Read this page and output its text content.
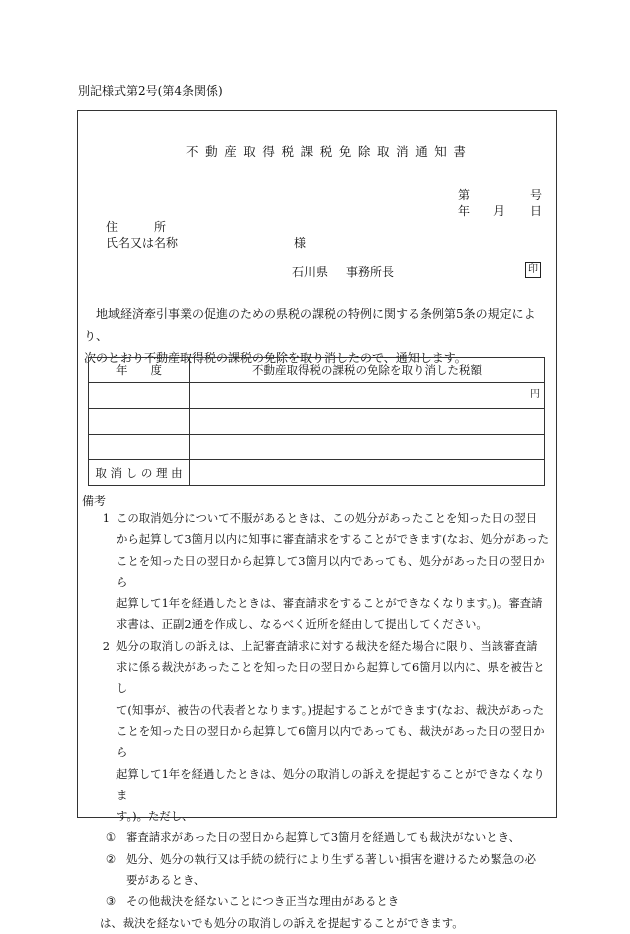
別記様式第2号(第4条関係)
不動産取得税課税免除取消通知書
第	号
年 月 日
住　　　所
氏名又は名称	様
石川県 事務所長	印

地域経済牽引事業の促進のための県税の課税の特例に関する条例第5条の規定により、

次のとおり不動産取得税の課税の免除を取り消したので、通知します。

年　　度	不動産取得税の課税の免除を取り消した税額
	円

取 消 し の 理 由	
備考
1 この取消処分について不服があるときは、この処分があったことを知った日の翌日
から起算して3箇月以内に知事に審査請求をすることができます(なお、処分があった
ことを知った日の翌日から起算して3箇月以内であっても、処分があった日の翌日から
起算して1年を経過したときは、審査請求をすることができなくなります。)。審査請
求書は、正副2通を作成し、なるべく近所を経由して提出してください。
2 処分の取消しの訴えは、上記審査請求に対する裁決を経た場合に限り、当該審査請
求に係る裁決があったことを知った日の翌日から起算して6箇月以内に、県を被告とし
て(知事が、被告の代表者となります。)提起することができます(なお、裁決があった
ことを知った日の翌日から起算して6箇月以内であっても、裁決があった日の翌日から
起算して1年を経過したときは、処分の取消しの訴えを提起することができなくなりま
す。)。ただし、
① 審査請求があった日の翌日から起算して3箇月を経過しても裁決がないとき、
② 処分、処分の執行又は手続の続行により生ずる著しい損害を避けるため緊急の必
要があるとき、
③ その他裁決を経ないことにつき正当な理由があるとき
は、裁決を経ないでも処分の取消しの訴えを提起することができます。
